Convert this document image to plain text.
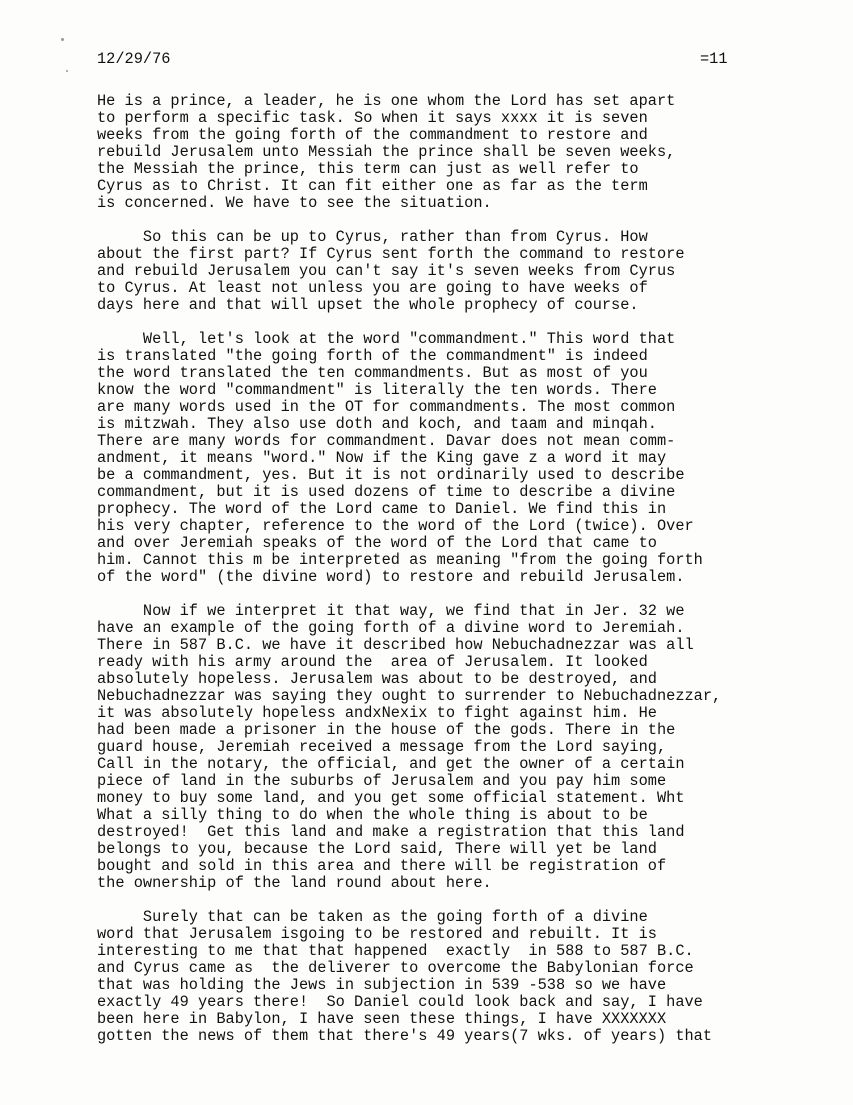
12/29/76	=11
He is a prince, a leader, he is one whom the Lord has set apart
to perform a specific task. So when it says xxxx it is seven
weeks from the going forth of the commandment to restore and
rebuild Jerusalem unto Messiah the prince shall be seven weeks,
the Messiah the prince, this term can just as well refer to
Cyrus as to Christ. It can fit either one as far as the term
is concerned. We have to see the situation.
So this can be up to Cyrus, rather than from Cyrus. How
about the first part? If Cyrus sent forth the command to restore
and rebuild Jerusalem you can't say it's seven weeks from Cyrus
to Cyrus. At least not unless you are going to have weeks of
days here and that will upset the whole prophecy of course.
Well, let's look at the word "commandment." This word that
is translated "the going forth of the commandment" is indeed
the word translated the ten commandments. But as most of you
know the word "commandment" is literally the ten words. There
are many words used in the OT for commandments. The most common
is mitzwah. They also use doth and koch, and taam and minqah.
There are many words for commandment. Davar does not mean comm-
andment, it means "word." Now if the King gave z a word it may
be a commandment, yes. But it is not ordinarily used to describe
commandment, but it is used dozens of time to describe a divine
prophecy. The word of the Lord came to Daniel. We find this in
his very chapter, reference to the word of the Lord (twice). Over
and over Jeremiah speaks of the word of the Lord that came to
him. Cannot this m be interpreted as meaning "from the going forth
of the word" (the divine word) to restore and rebuild Jerusalem.
Now if we interpret it that way, we find that in Jer. 32 we
have an example of the going forth of a divine word to Jeremiah.
There in 587 B.C. we have it described how Nebuchadnezzar was all
ready with his army around the  area of Jerusalem. It looked
absolutely hopeless. Jerusalem was about to be destroyed, and
Nebuchadnezzar was saying they ought to surrender to Nebuchadnezzar,
it was absolutely hopeless andxNexix to fight against him. He
had been made a prisoner in the house of the gods. There in the
guard house, Jeremiah received a message from the Lord saying,
Call in the notary, the official, and get the owner of a certain
piece of land in the suburbs of Jerusalem and you pay him some
money to buy some land, and you get some official statement. Wht
What a silly thing to do when the whole thing is about to be
destroyed!  Get this land and make a registration that this land
belongs to you, because the Lord said, There will yet be land
bought and sold in this area and there will be registration of
the ownership of the land round about here.
Surely that can be taken as the going forth of a divine
word that Jerusalem isgoing to be restored and rebuilt. It is
interesting to me that that happened  exactly  in 588 to 587 B.C.
and Cyrus came as  the deliverer to overcome the Babylonian force
that was holding the Jews in subjection in 539 -538 so we have
exactly 49 years there!  So Daniel could look back and say, I have
been here in Babylon, I have seen these things, I have XXXXXXX
gotten the news of them that there's 49 years(7 wks. of years) that
